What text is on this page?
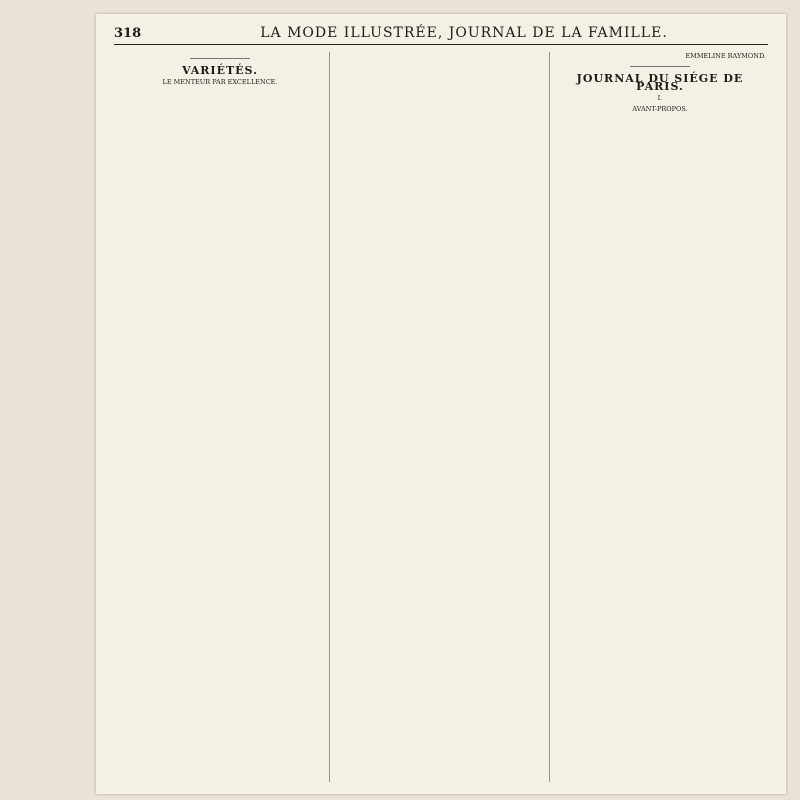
318	LA MODE ILLUSTRÉE, JOURNAL DE LA FAMILLE.
VARIÉTÉS.
LE MENTEUR PAR EXCELLENCE.
EMMELINE RAYMOND.
JOURNAL DU SIÉGE DE PARIS.
I.
AVANT-PROPOS.
